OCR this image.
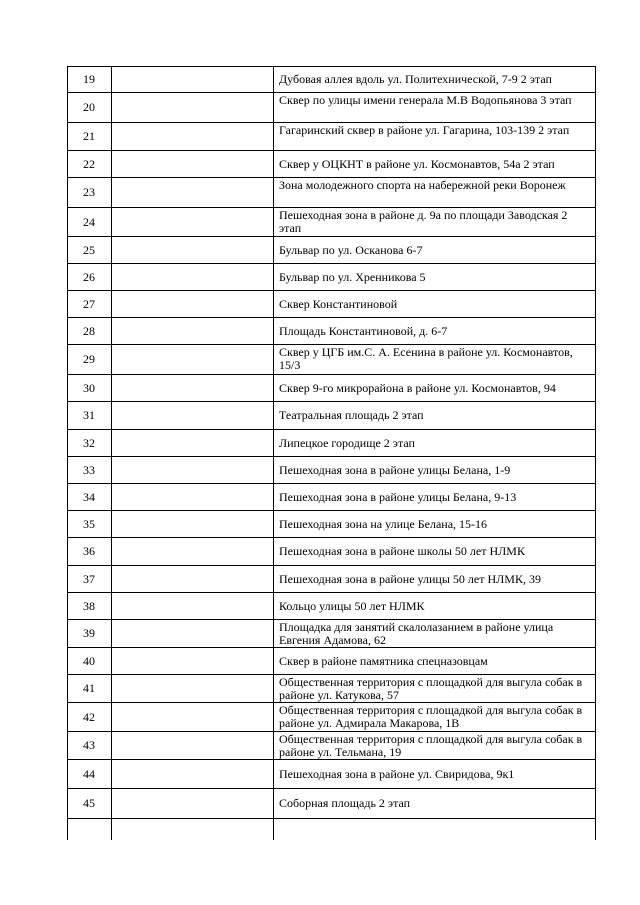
19	Дубовая аллея вдоль ул. Политехнической, 7-9 2 этап
20	Сквер по улицы имени генерала М.В Водопьянова 3 этап
21	Гагаринский сквер в районе ул. Гагарина, 103-139 2 этап
22	Сквер у ОЦКНТ в районе ул. Космонавтов, 54а 2 этап
23	Зона молодежного спорта на набережной реки Воронеж
24	Пешеходная зона в районе д. 9а по площади Заводская 2 этап
25	Бульвар по ул. Осканова 6-7
26	Бульвар по ул. Хренникова 5
27	Сквер Константиновой
28	Площадь Константиновой, д. 6-7
29	Сквер у ЦГБ им.С. А. Есенина в районе ул. Космонавтов, 15/3
30	Сквер 9-го микрорайона в районе ул. Космонавтов, 94
31	Театральная площадь 2 этап
32	Липецкое городище 2 этап
33	Пешеходная зона в районе улицы Белана, 1-9
34	Пешеходная зона в районе улицы Белана, 9-13
35	Пешеходная зона на улице Белана, 15-16
36	Пешеходная зона в районе школы 50 лет НЛМК
37	Пешеходная зона в районе улицы 50 лет НЛМК, 39
38	Кольцо улицы 50 лет НЛМК
39	Площадка для занятий скалолазанием в районе улица Евгения Адамова, 62
40	Сквер в районе памятника спецназовцам
41	Общественная территория с площадкой для выгула собак в районе ул. Катукова, 57
42	Общественная территория с площадкой для выгула собак в районе ул. Адмирала Макарова, 1В
43	Общественная территория с площадкой для выгула собак в районе ул. Тельмана, 19
44	Пешеходная зона в районе ул. Свиридова, 9к1
45	Соборная площадь 2 этап
